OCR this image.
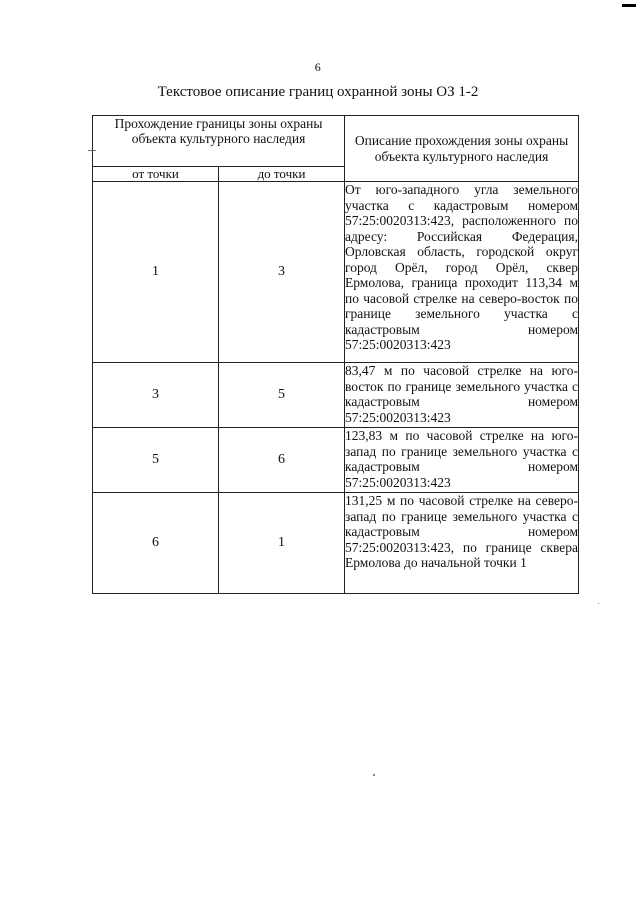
6
Текстовое описание границ охранной зоны ОЗ 1-2
Прохождение границы зоны охраны объекта культурного наследия		Описание прохождения зоны охраны объекта культурного наследия
от точки	до точки	
1	3	От юго-западного угла земельного участка с кадастровым номером 57:25:0020313:423, расположенного по адресу: Российская Федерация, Орловская область, городской округ город Орёл, город Орёл, сквер Ермолова, граница проходит 113,34 м по часовой стрелке на северо-восток по границе земельного участка с кадастровым номером 57:25:0020313:423
3	5	83,47 м по часовой стрелке на юго-восток по границе земельного участка с кадастровым номером 57:25:0020313:423
5	6	123,83 м по часовой стрелке на юго-запад по границе земельного участка с кадастровым номером 57:25:0020313:423
6	1	131,25 м по часовой стрелке на северо-запад по границе земельного участка с кадастровым номером 57:25:0020313:423, по границе сквера Ермолова до начальной точки 1
